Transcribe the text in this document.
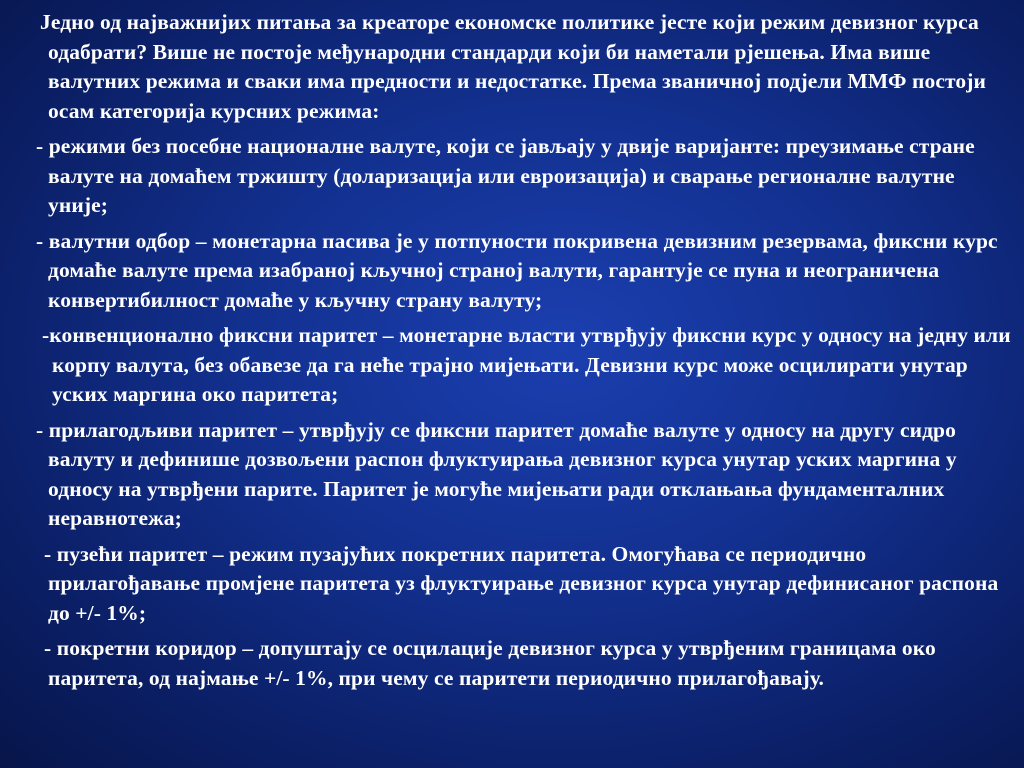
Једно од најважнијих питања за креаторе економске политике јесте који режим девизног курса одабрати? Више не постоје међународни стандарди који би наметали рјешења. Има више валутних режима и сваки има предности и недостатке. Према званичној подјели ММФ постоји осам категорија курсних режима:

- режими без посебне националне валуте, који се јављају у двије варијанте: преузимање стране валуте на домаћем тржишту (доларизација или евроизација) и сварање регионалне валутне уније;

- валутни одбор – монетарна пасива је у потпуности покривена девизним резервама, фиксни курс домаће валуте према изабраној кључној страној валути, гарантује се пуна и неограничена конвертибилност домаће у кључну страну валуту;

-конвенционално фиксни паритет – монетарне власти утврђују фиксни курс у односу на једну или корпу валута, без обавезе да га неће трајно мијењати. Девизни курс може осцилирати унутар уских маргина око паритета;

- прилагодљиви паритет – утврђују се фиксни паритет домаће валуте у односу на другу сидро валуту и дефинише дозвољени распон флуктуирања девизног курса унутар уских маргина у односу на утврђени парите. Паритет је могуће мијењати ради отклањања фундаменталних неравнотежа;

- пузећи паритет – режим пузајућих покретних паритета. Омогућава се периодично прилагођавање промјене паритета уз флуктуирање девизног курса унутар дефинисаног распона до +/- 1%;

- покретни коридор – допуштају се осцилације девизног курса у утврђеним границама око паритета, од најмање +/- 1%, при чему се паритети периодично прилагођавају.
